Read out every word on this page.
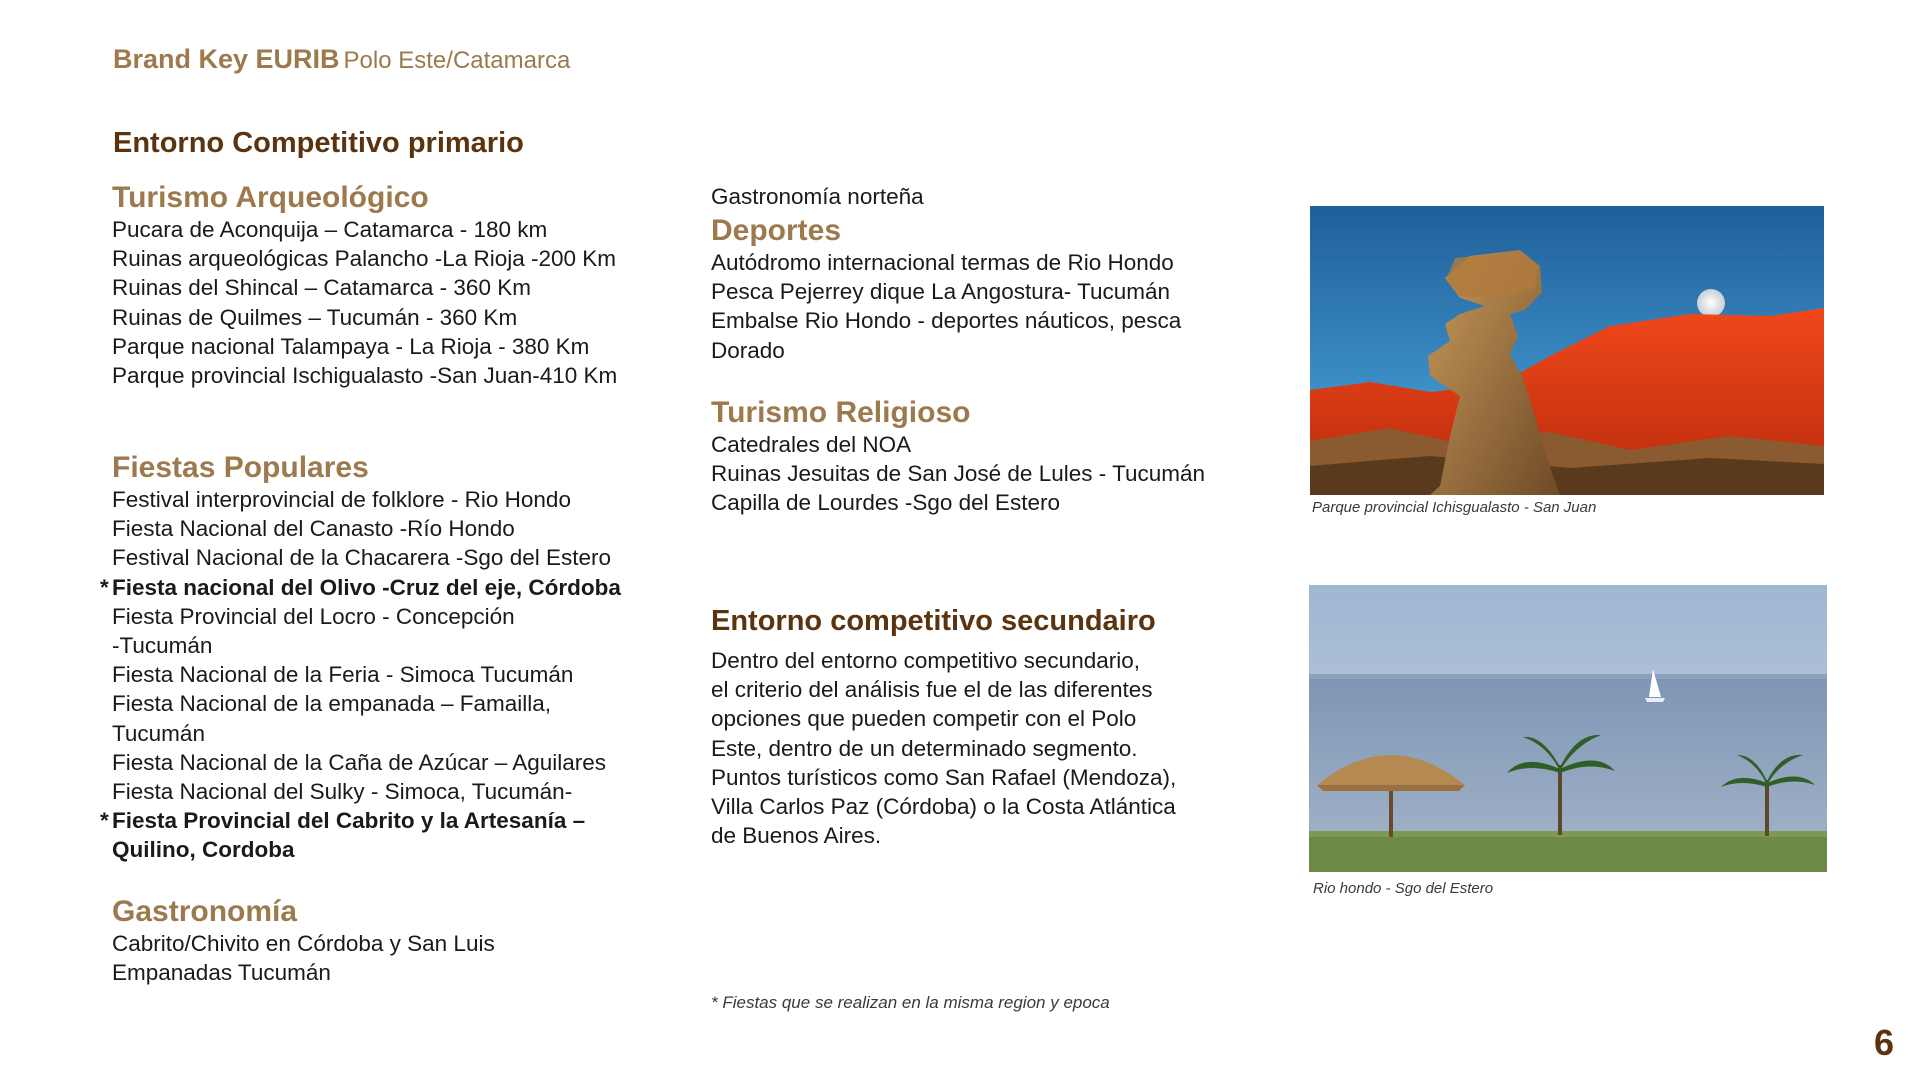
Brand Key EURIB Polo Este/Catamarca
Entorno Competitivo primario
Turismo Arqueológico
Pucara de Aconquija – Catamarca - 180 km
Ruinas arqueológicas Palancho -La Rioja -200 Km
Ruinas del Shincal – Catamarca - 360 Km
Ruinas de Quilmes – Tucumán - 360 Km
Parque nacional Talampaya - La Rioja - 380 Km
Parque provincial Ischigualasto -San Juan-410 Km
Fiestas Populares
Festival interprovincial de folklore - Rio Hondo
Fiesta Nacional del Canasto -Río Hondo
Festival Nacional de la Chacarera -Sgo del Estero
* Fiesta nacional del Olivo -Cruz del eje, Córdoba
Fiesta Provincial del Locro - Concepción
-Tucumán
Fiesta Nacional de la Feria - Simoca Tucumán
Fiesta Nacional de la empanada – Famailla,
Tucumán
Fiesta Nacional de la Caña de Azúcar – Aguilares
Fiesta Nacional del Sulky - Simoca, Tucumán-
* Fiesta Provincial del Cabrito y la Artesanía –
Quilino, Cordoba
Gastronomía
Cabrito/Chivito en Córdoba y San Luis
Empanadas Tucumán
Gastronomía norteña
Deportes
Autódromo internacional termas de Rio Hondo
Pesca Pejerrey dique La Angostura- Tucumán
Embalse Rio Hondo - deportes náuticos, pesca
Dorado
Turismo Religioso
Catedrales del NOA
Ruinas Jesuitas de San José de Lules - Tucumán
Capilla de Lourdes -Sgo del Estero
Entorno competitivo secundairo
Dentro del entorno competitivo secundario,
el criterio del análisis fue el de las diferentes
opciones que pueden competir con el Polo
Este, dentro de un determinado segmento.
Puntos turísticos como San Rafael (Mendoza),
Villa Carlos Paz (Córdoba) o la Costa Atlántica
de Buenos Aires.
Parque provincial Ichisgualasto - San Juan
Rio hondo - Sgo del Estero
* Fiestas que se realizan en la misma region y epoca
6
